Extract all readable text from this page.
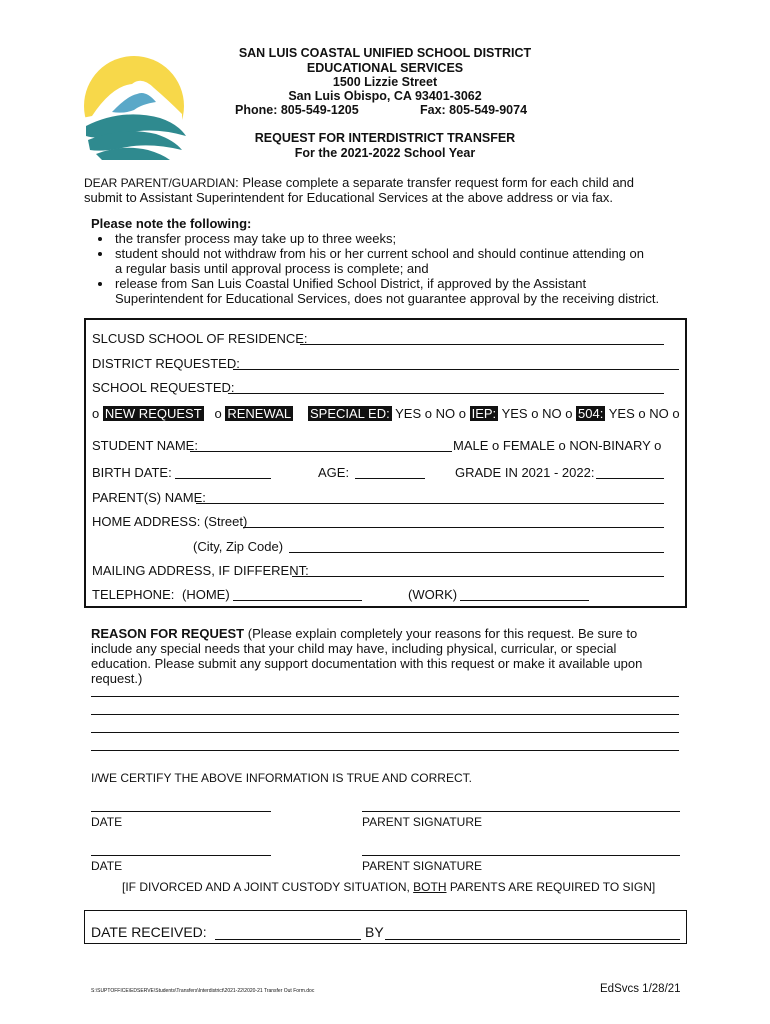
SAN LUIS COASTAL UNIFIED SCHOOL DISTRICT
EDUCATIONAL SERVICES
1500 Lizzie Street
San Luis Obispo, CA 93401-3062
Phone: 805-549-1205	Fax: 805-549-9074
REQUEST FOR INTERDISTRICT TRANSFER
For the 2021-2022 School Year
DEAR PARENT/GUARDIAN: Please complete a separate transfer request form for each child and
submit to Assistant Superintendent for Educational Services at the above address or via fax.
Please note the following:
• the transfer process may take up to three weeks;
• student should not withdraw from his or her current school and should continue attending on
a regular basis until approval process is complete; and
• release from San Luis Coastal Unified School District, if approved by the Assistant
Superintendent for Educational Services, does not guarantee approval by the receiving district.
SLCUSD SCHOOL OF RESIDENCE:
DISTRICT REQUESTED:
SCHOOL REQUESTED:
o NEW REQUEST o RENEWAL SPECIAL ED: YES o NO o IEP: YES o NO o 504: YES o NO o
STUDENT NAME:	MALE o FEMALE o NON-BINARY o
BIRTH DATE:	AGE:	GRADE IN 2021 - 2022:
PARENT(S) NAME:
HOME ADDRESS: (Street)
(City, Zip Code)
MAILING ADDRESS, IF DIFFERENT:
TELEPHONE: (HOME)	(WORK)
REASON FOR REQUEST (Please explain completely your reasons for this request. Be sure to
include any special needs that your child may have, including physical, curricular, or special
education. Please submit any support documentation with this request or make it available upon
request.)
I/WE CERTIFY THE ABOVE INFORMATION IS TRUE AND CORRECT.
DATE	PARENT SIGNATURE
DATE	PARENT SIGNATURE
[IF DIVORCED AND A JOINT CUSTODY SITUATION, BOTH PARENTS ARE REQUIRED TO SIGN]
DATE RECEIVED:	BY
S:\SUPTOFFICE\EDSERVE\Students\Transfers\Interdistrict\2021-22\2020-21 Transfer Out Form.doc	EdSvcs 1/28/21
